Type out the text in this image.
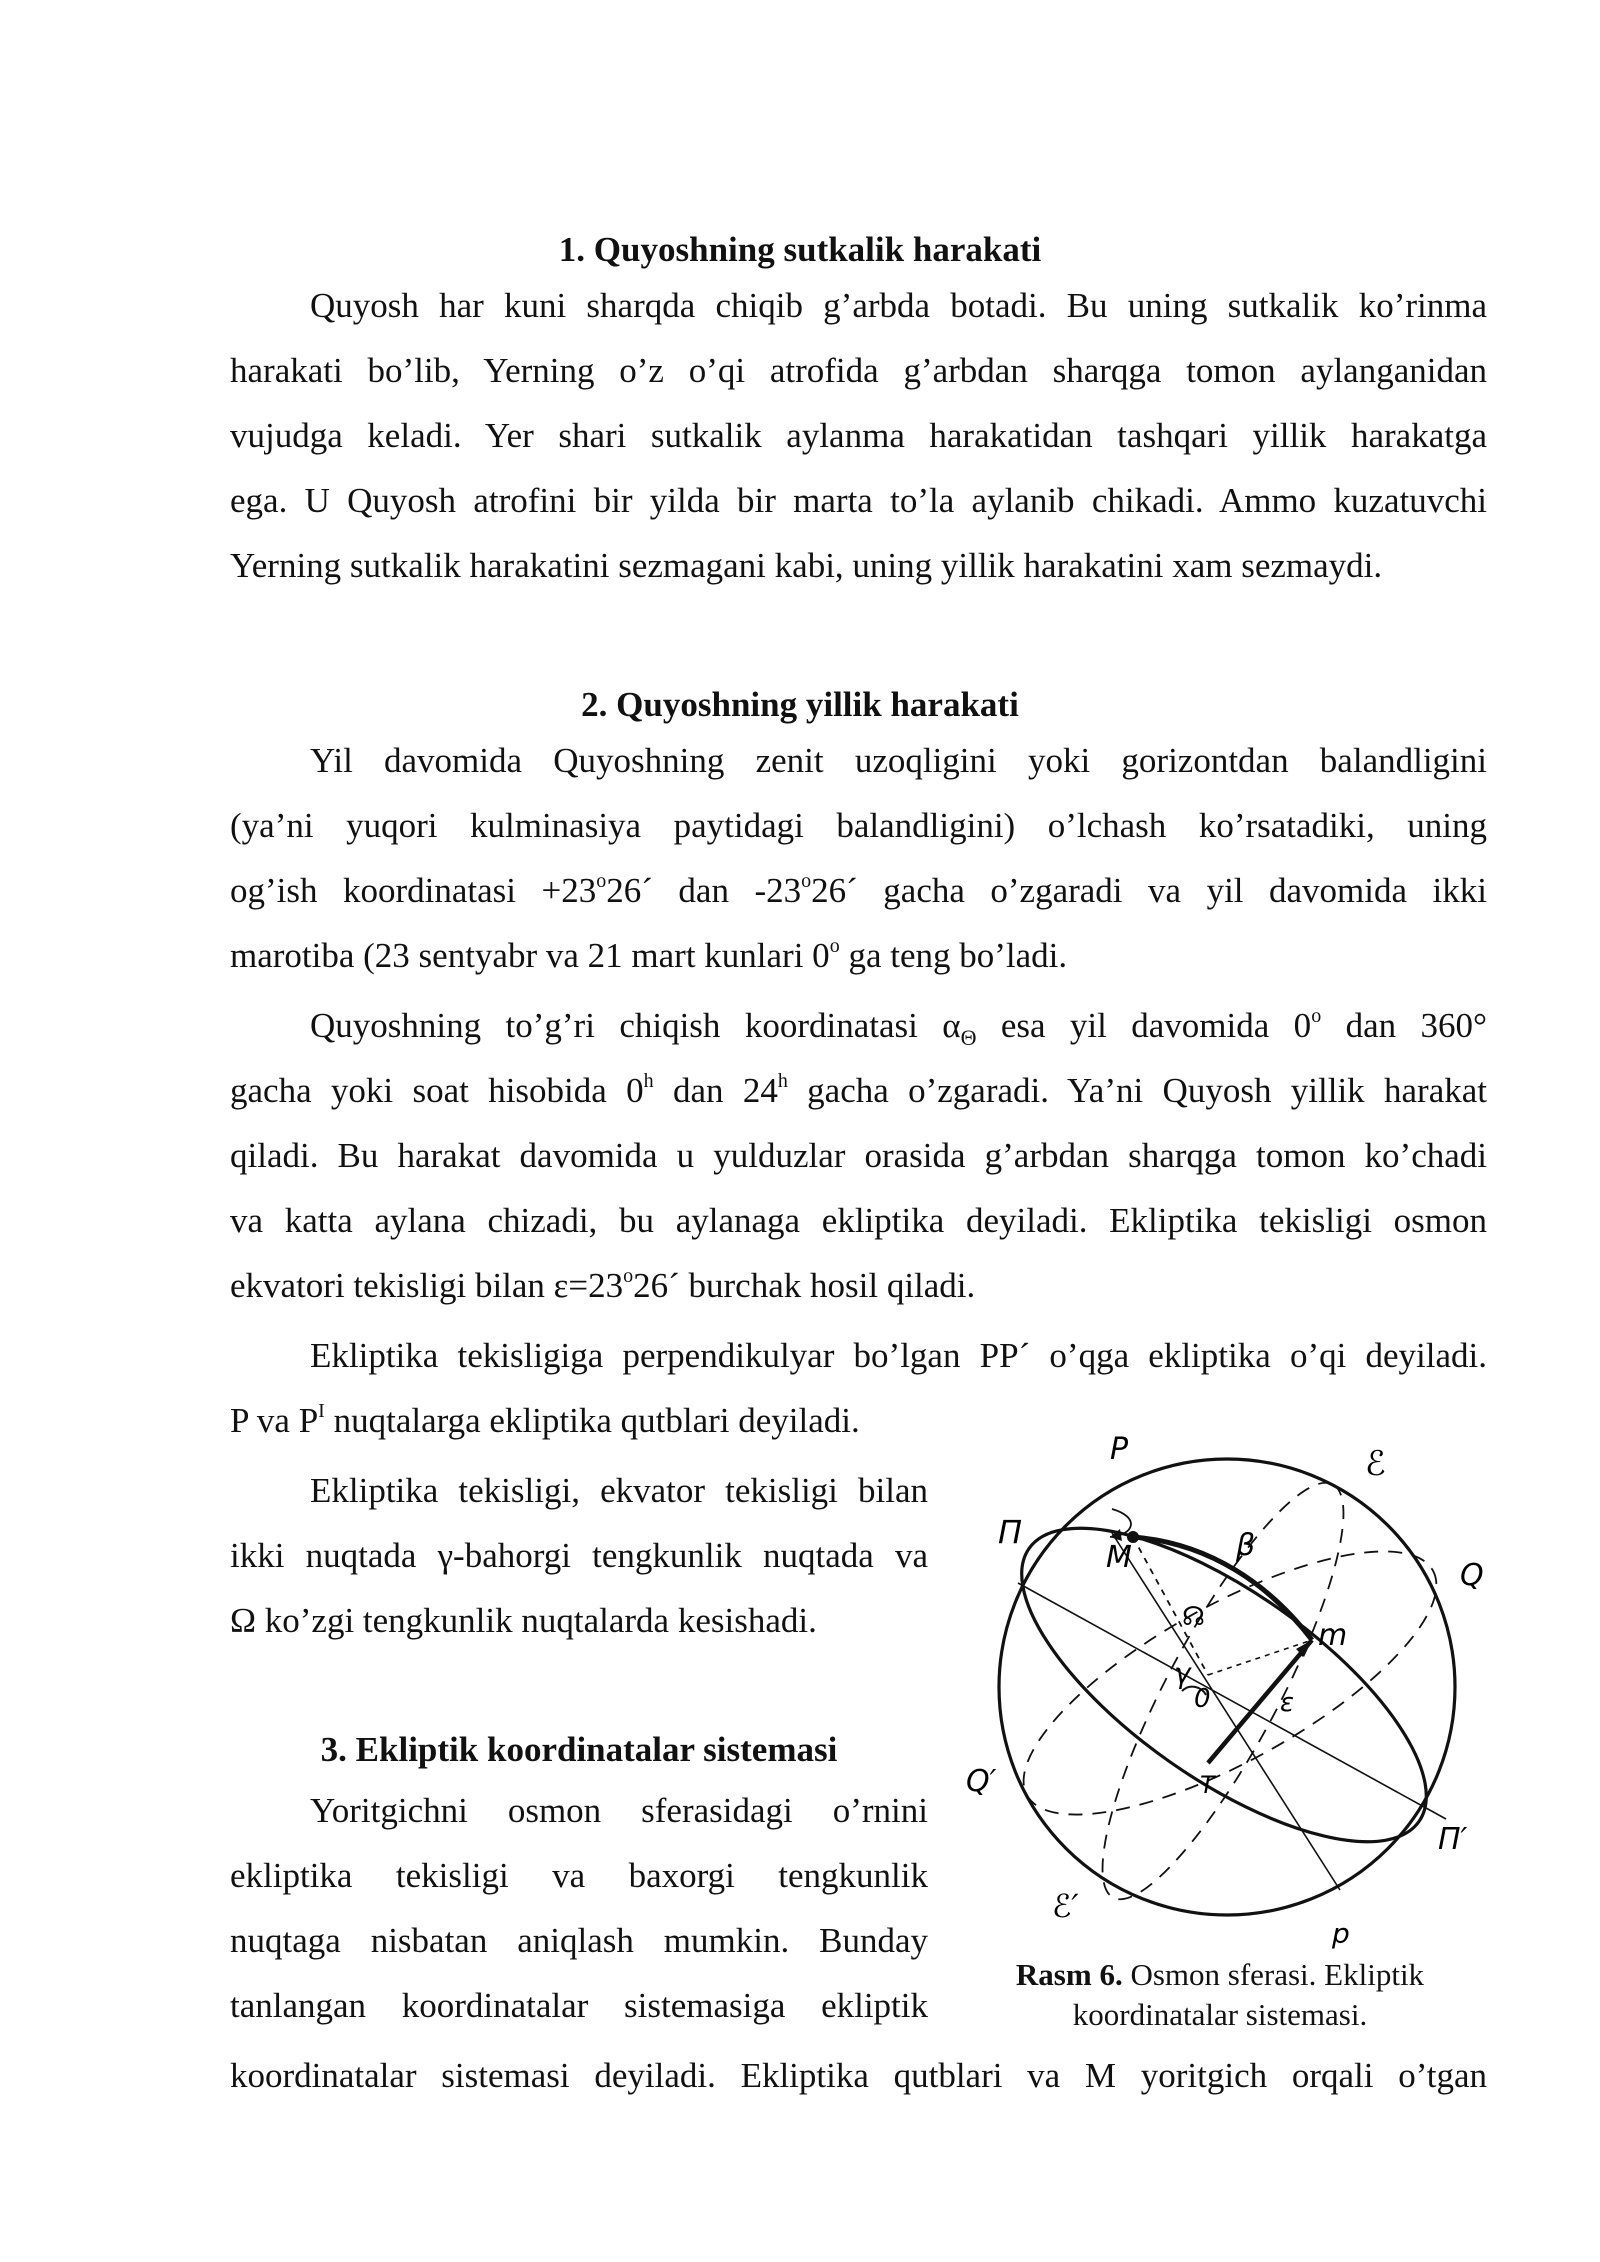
1. Quyoshning sutkalik harakati
Quyosh har kuni sharqda chiqib g’arbda botadi. Bu uning sutkalik ko’rinma
harakati bo’lib, Yerning o’z o’qi atrofida g’arbdan sharqga tomon aylanganidan
vujudga keladi. Yer shari sutkalik aylanma harakatidan tashqari yillik harakatga
ega. U Quyosh atrofini bir yilda bir marta to’la aylanib chikadi. Ammo kuzatuvchi
Yerning sutkalik harakatini sezmagani kabi, uning yillik harakatini xam sezmaydi.
2. Quyoshning yillik harakati
Yil davomida Quyoshning zenit uzoqligini yoki gorizontdan balandligini
(ya’ni yuqori kulminasiya paytidagi balandligini) o’lchash ko’rsatadiki, uning
og’ish koordinatasi $+23^o26´$ dan -23$^o$26´ gacha o’zgaradi va yil davomida ikki
marotiba (23 sentyabr va 21 mart kunlari 0$^o$ ga teng bo’ladi.
Quyoshning to’g’ri chiqish koordinatasi $\alpha_\Theta$ esa yil davomida 0$^o$ dan 360°
gacha yoki soat hisobida 0$^h$ dan 24$^h$ gacha o’zgaradi. Ya’ni Quyosh yillik harakat
qiladi. Bu harakat davomida u yulduzlar orasida g’arbdan sharqga tomon ko’chadi
va katta aylana chizadi, bu aylanaga ekliptika deyiladi. Ekliptika tekisligi osmon
ekvatori tekisligi bilan $\varepsilon=23^o26´$ burchak hosil qiladi.
Ekliptika tekisligiga perpendikulyar bo’lgan PP´ o’qga ekliptika o’qi deyiladi.
P va $P^I$ nuqtalarga ekliptika qutblari deyiladi.
Ekliptika tekisligi, ekvator tekisligi bilan
ikki nuqtada γ-bahorgi tengkunlik nuqtada va
Ω ko’zgi tengkunlik nuqtalarda kesishadi.
3. Ekliptik koordinatalar sistemasi
Yoritgichni osmon sferasidagi o’rnini
ekliptika tekisligi va baxorgi tengkunlik
nuqtaga nisbatan aniqlash mumkin. Bunday
tanlangan koordinatalar sistemasiga ekliptik
koordinatalar sistemasi deyiladi. Ekliptika qutblari va M yoritgich orqali o’tgan
P
p
ℰ
ℰ′
Π
Π′
Q
Q′
M
m
β
☊
0
γ
ε
T
Rasm 6. Osmon sferasi. Ekliptik
koordinatalar sistemasi.
